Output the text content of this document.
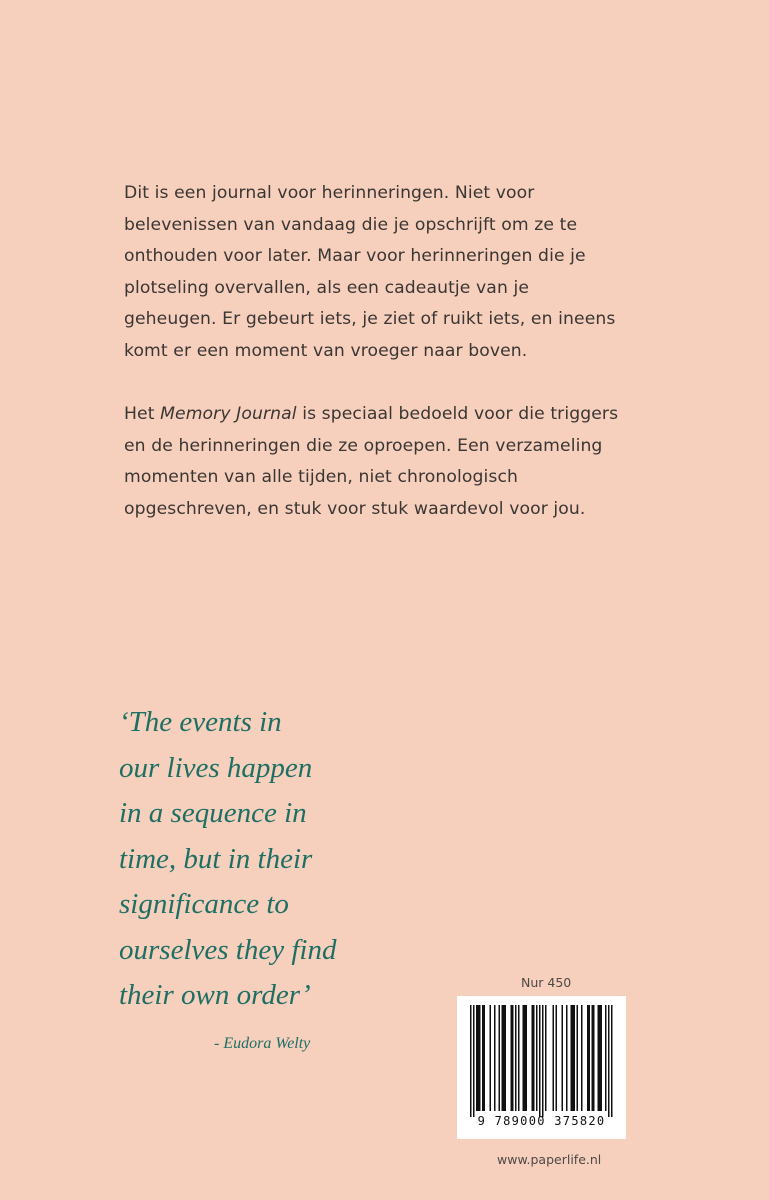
Dit is een journal voor herinneringen. Niet voor belevenissen van vandaag die je opschrijft om ze te onthouden voor later. Maar voor herinneringen die je plotseling overvallen, als een cadeautje van je geheugen. Er gebeurt iets, je ziet of ruikt iets, en ineens komt er een moment van vroeger naar boven.

Het Memory Journal is speciaal bedoeld voor die triggers en de herinneringen die ze oproepen. Een verzameling momenten van alle tijden, niet chronologisch opgeschreven, en stuk voor stuk waardevol voor jou.

‘The events in
our lives happen
in a sequence in
time, but in their
significance to
ourselves they find
their own order’
- Eudora Welty
Nur 450
9 789000 375820
www.paperlife.nl
